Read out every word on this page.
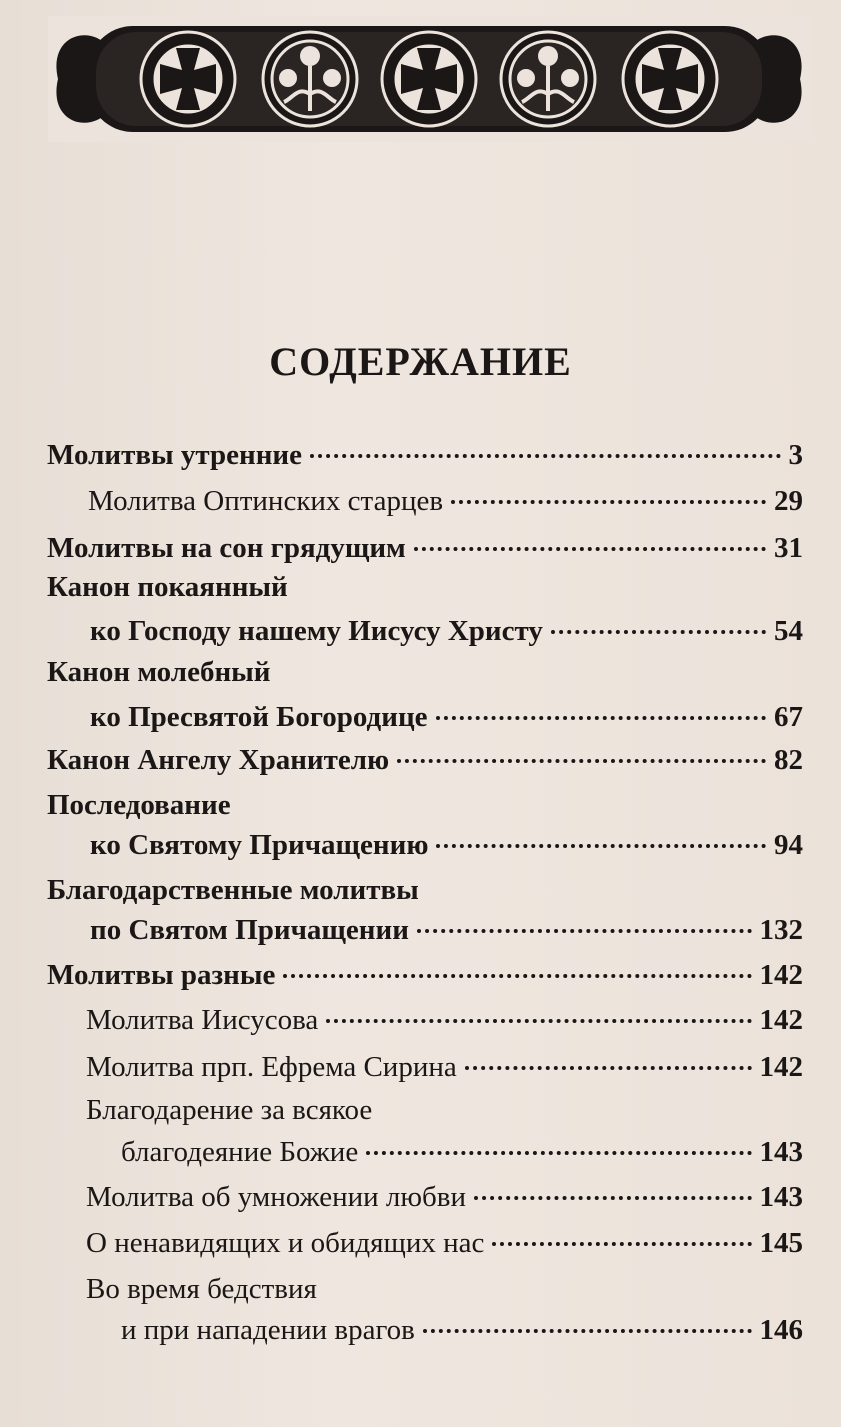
СОДЕРЖАНИЕ
Молитвы утренние	3
Молитва Оптинских старцев	29
Молитвы на сон грядущим	31
Канон покаянный
ко Господу нашему Иисусу Христу	54
Канон молебный
ко Пресвятой Богородице	67
Канон Ангелу Хранителю	82
Последование
ко Святому Причащению	94
Благодарственные молитвы
по Святом Причащении	132
Молитвы разные	142
Молитва Иисусова	142
Молитва прп. Ефрема Сирина	142
Благодарение за всякое
благодеяние Божие	143
Молитва об умножении любви	143
О ненавидящих и обидящих нас	145
Во время бедствия
и при нападении врагов	146
